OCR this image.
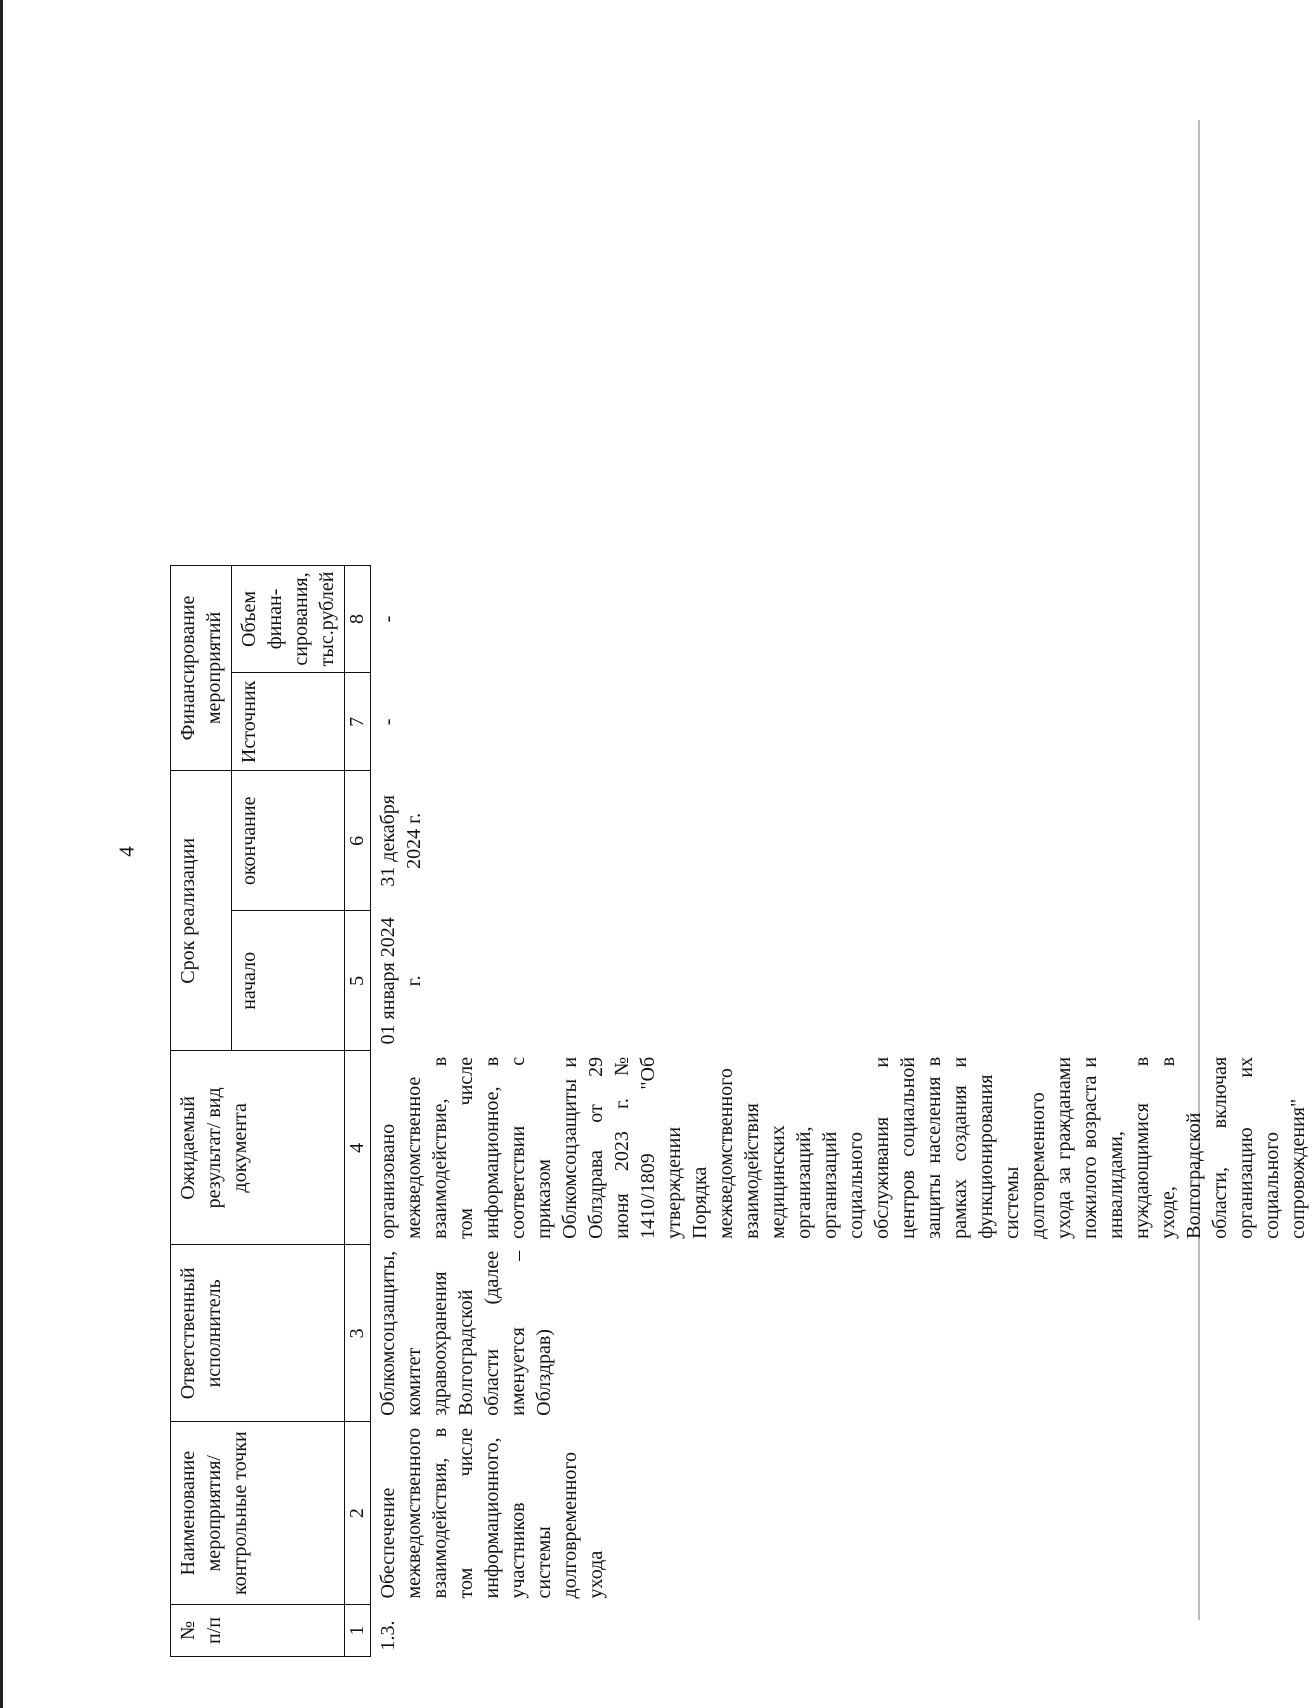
4
№ п/п	Наименование мероприятия/ контрольные точки	Ответственный исполнитель	Ожидаемый результат/ вид документа	Срок реализации		Финансирование мероприятий	
				начало	окончание	Источник	Объем финан-сирования, тыс.рублей
1	2	3	4	5	6	7	8
1.3.	Обеспечение межведомственного взаимодействия, в том числе информационного, участников системы долговременного ухода	Облкомсоцзащиты, комитет здравоохранения Волгоградской области (далее именуется – Облздрав)	организовано межведомственное взаимодействие, в том числе информационное, в соответствии с приказом Облкомсоцзащиты и Облздрава от 29 июня 2023 г. № 1410/1809 "Об утверждении Порядка межведомственного взаимодействия медицинских организаций, организаций социального обслуживания и центров социальной защиты населения в рамках создания и функционирования системы долговременного ухода за гражданами пожилого возраста и инвалидами, нуждающимися в уходе, в Волгоградской области, включая организацию их социального сопровождения"	01 января 2024 г.	31 декабря 2024 г.	-	-
